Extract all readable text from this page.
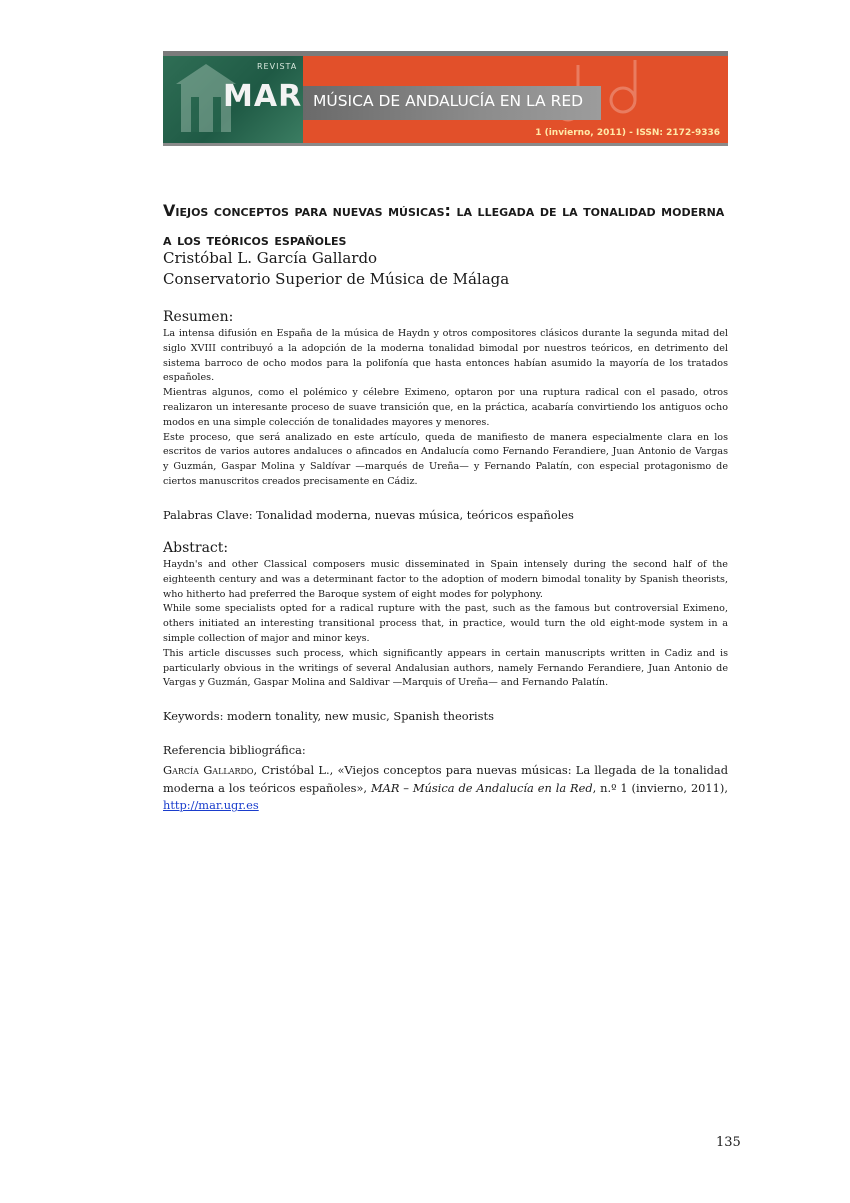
REVISTA
MAR MÚSICA DE ANDALUCÍA EN LA RED
1 (invierno, 2011) - ISSN: 2172-9336
Viejos conceptos para nuevas músicas: la llegada de la tonalidad moderna a los teóricos españoles
Cristóbal L. García Gallardo
Conservatorio Superior de Música de Málaga
Resumen:

La intensa difusión en España de la música de Haydn y otros compositores clásicos durante la segunda mitad del siglo XVIII contribuyó a la adopción de la moderna tonalidad bimodal por nuestros teóricos, en detrimento del sistema barroco de ocho modos para la polifonía que hasta entonces habían asumido la mayoría de los tratados españoles.

Mientras algunos, como el polémico y célebre Eximeno, optaron por una ruptura radical con el pasado, otros realizaron un interesante proceso de suave transición que, en la práctica, acabaría convirtiendo los antiguos ocho modos en una simple colección de tonalidades mayores y menores.

Este proceso, que será analizado en este artículo, queda de manifiesto de manera especialmente clara en los escritos de varios autores andaluces o afincados en Andalucía como Fernando Ferandiere, Juan Antonio de Vargas y Guzmán, Gaspar Molina y Saldívar —marqués de Ureña— y Fernando Palatín, con especial protagonismo de ciertos manuscritos creados precisamente en Cádiz.

Palabras Clave: Tonalidad moderna, nuevas música, teóricos españoles
Abstract:

Haydn's and other Classical composers music disseminated in Spain intensely during the second half of the eighteenth century and was a determinant factor to the adoption of modern bimodal tonality by Spanish theorists, who hitherto had preferred the Baroque system of eight modes for polyphony.

While some specialists opted for a radical rupture with the past, such as the famous but controversial Eximeno, others initiated an interesting transitional process that, in practice, would turn the old eight-mode system in a simple collection of major and minor keys.

This article discusses such process, which significantly appears in certain manuscripts written in Cadiz and is particularly obvious in the writings of several Andalusian authors, namely Fernando Ferandiere, Juan Antonio de Vargas y Guzmán, Gaspar Molina and Saldivar —Marquis of Ureña— and Fernando Palatín.

Keywords: modern tonality, new music, Spanish theorists
Referencia bibliográfica:
García Gallardo, Cristóbal L., «Viejos conceptos para nuevas músicas: La llegada de la tonalidad moderna a los teóricos españoles», MAR – Música de Andalucía en la Red, n.º 1 (invierno, 2011), http://mar.ugr.es
135
